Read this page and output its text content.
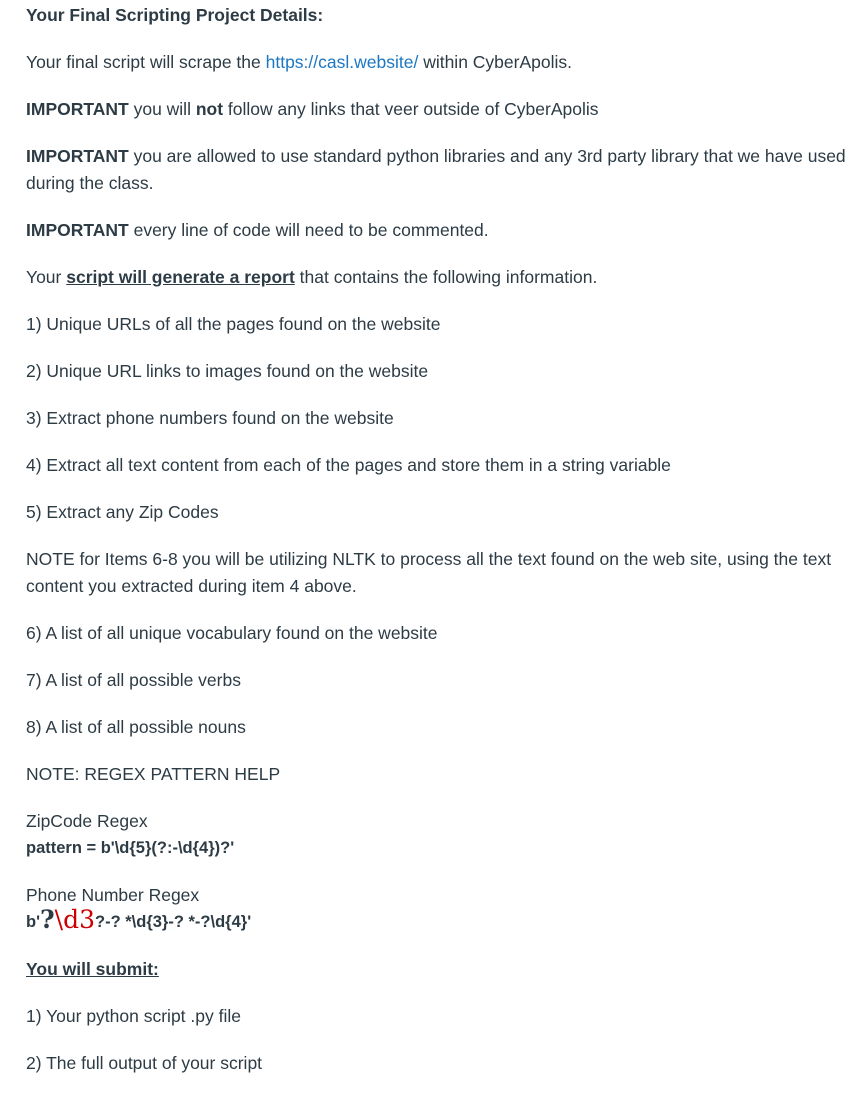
Your Final Scripting Project Details:

Your final script will scrape the https://casl.website/ within CyberApolis.

IMPORTANT you will not follow any links that veer outside of CyberApolis

IMPORTANT you are allowed to use standard python libraries and any 3rd party library that we have used during the class.

IMPORTANT every line of code will need to be commented.

Your script will generate a report that contains the following information.

1) Unique URLs of all the pages found on the website

2) Unique URL links to images found on the website

3) Extract phone numbers found on the website

4) Extract all text content from each of the pages and store them in a string variable

5) Extract any Zip Codes

NOTE for Items 6-8 you will be utilizing NLTK to process all the text found on the web site, using the text content you extracted during item 4 above.

6) A list of all unique vocabulary found on the website

7) A list of all possible verbs

8) A list of all possible nouns

NOTE: REGEX PATTERN HELP

ZipCode Regex

pattern = b'\d{5}(?:-\d{4})?'

Phone Number Regex

b'?\d3?-? *\d{3}-? *-?\d{4}'

You will submit:

1) Your python script .py file

2) The full output of your script
